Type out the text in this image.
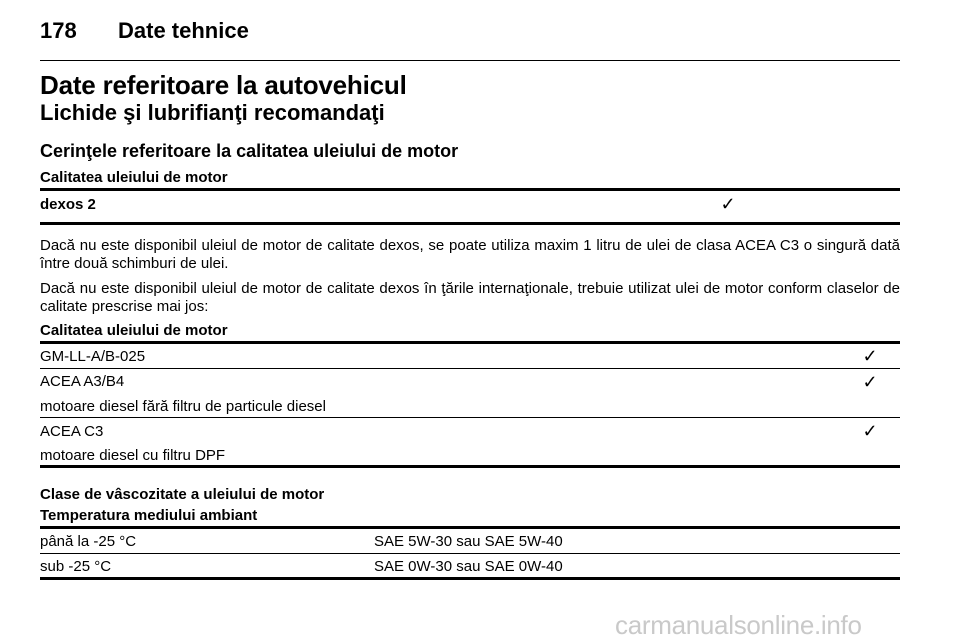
178 Date tehnice
Date referitoare la autovehicul
Lichide şi lubrifianţi recomandaţi
Cerinţele referitoare la calitatea uleiului de motor
Calitatea uleiului de motor
dexos 2	✓
Dacă nu este disponibil uleiul de motor de calitate dexos, se poate utiliza maxim 1 litru de ulei de clasa ACEA C3 o singură dată între două schimburi de ulei.
Dacă nu este disponibil uleiul de motor de calitate dexos în ţările internaţionale, trebuie utilizat ulei de motor conform claselor de calitate prescrise mai jos:
Calitatea uleiului de motor
GM-LL-A/B-025	✓
ACEA A3/B4	✓
motoare diesel fără filtru de particule diesel
ACEA C3	✓
motoare diesel cu filtru DPF
Clase de vâscozitate a uleiului de motor
Temperatura mediului ambiant
până la -25 °C	SAE 5W-30 sau SAE 5W-40
sub -25 °C	SAE 0W-30 sau SAE 0W-40
carmanualsonline.info
